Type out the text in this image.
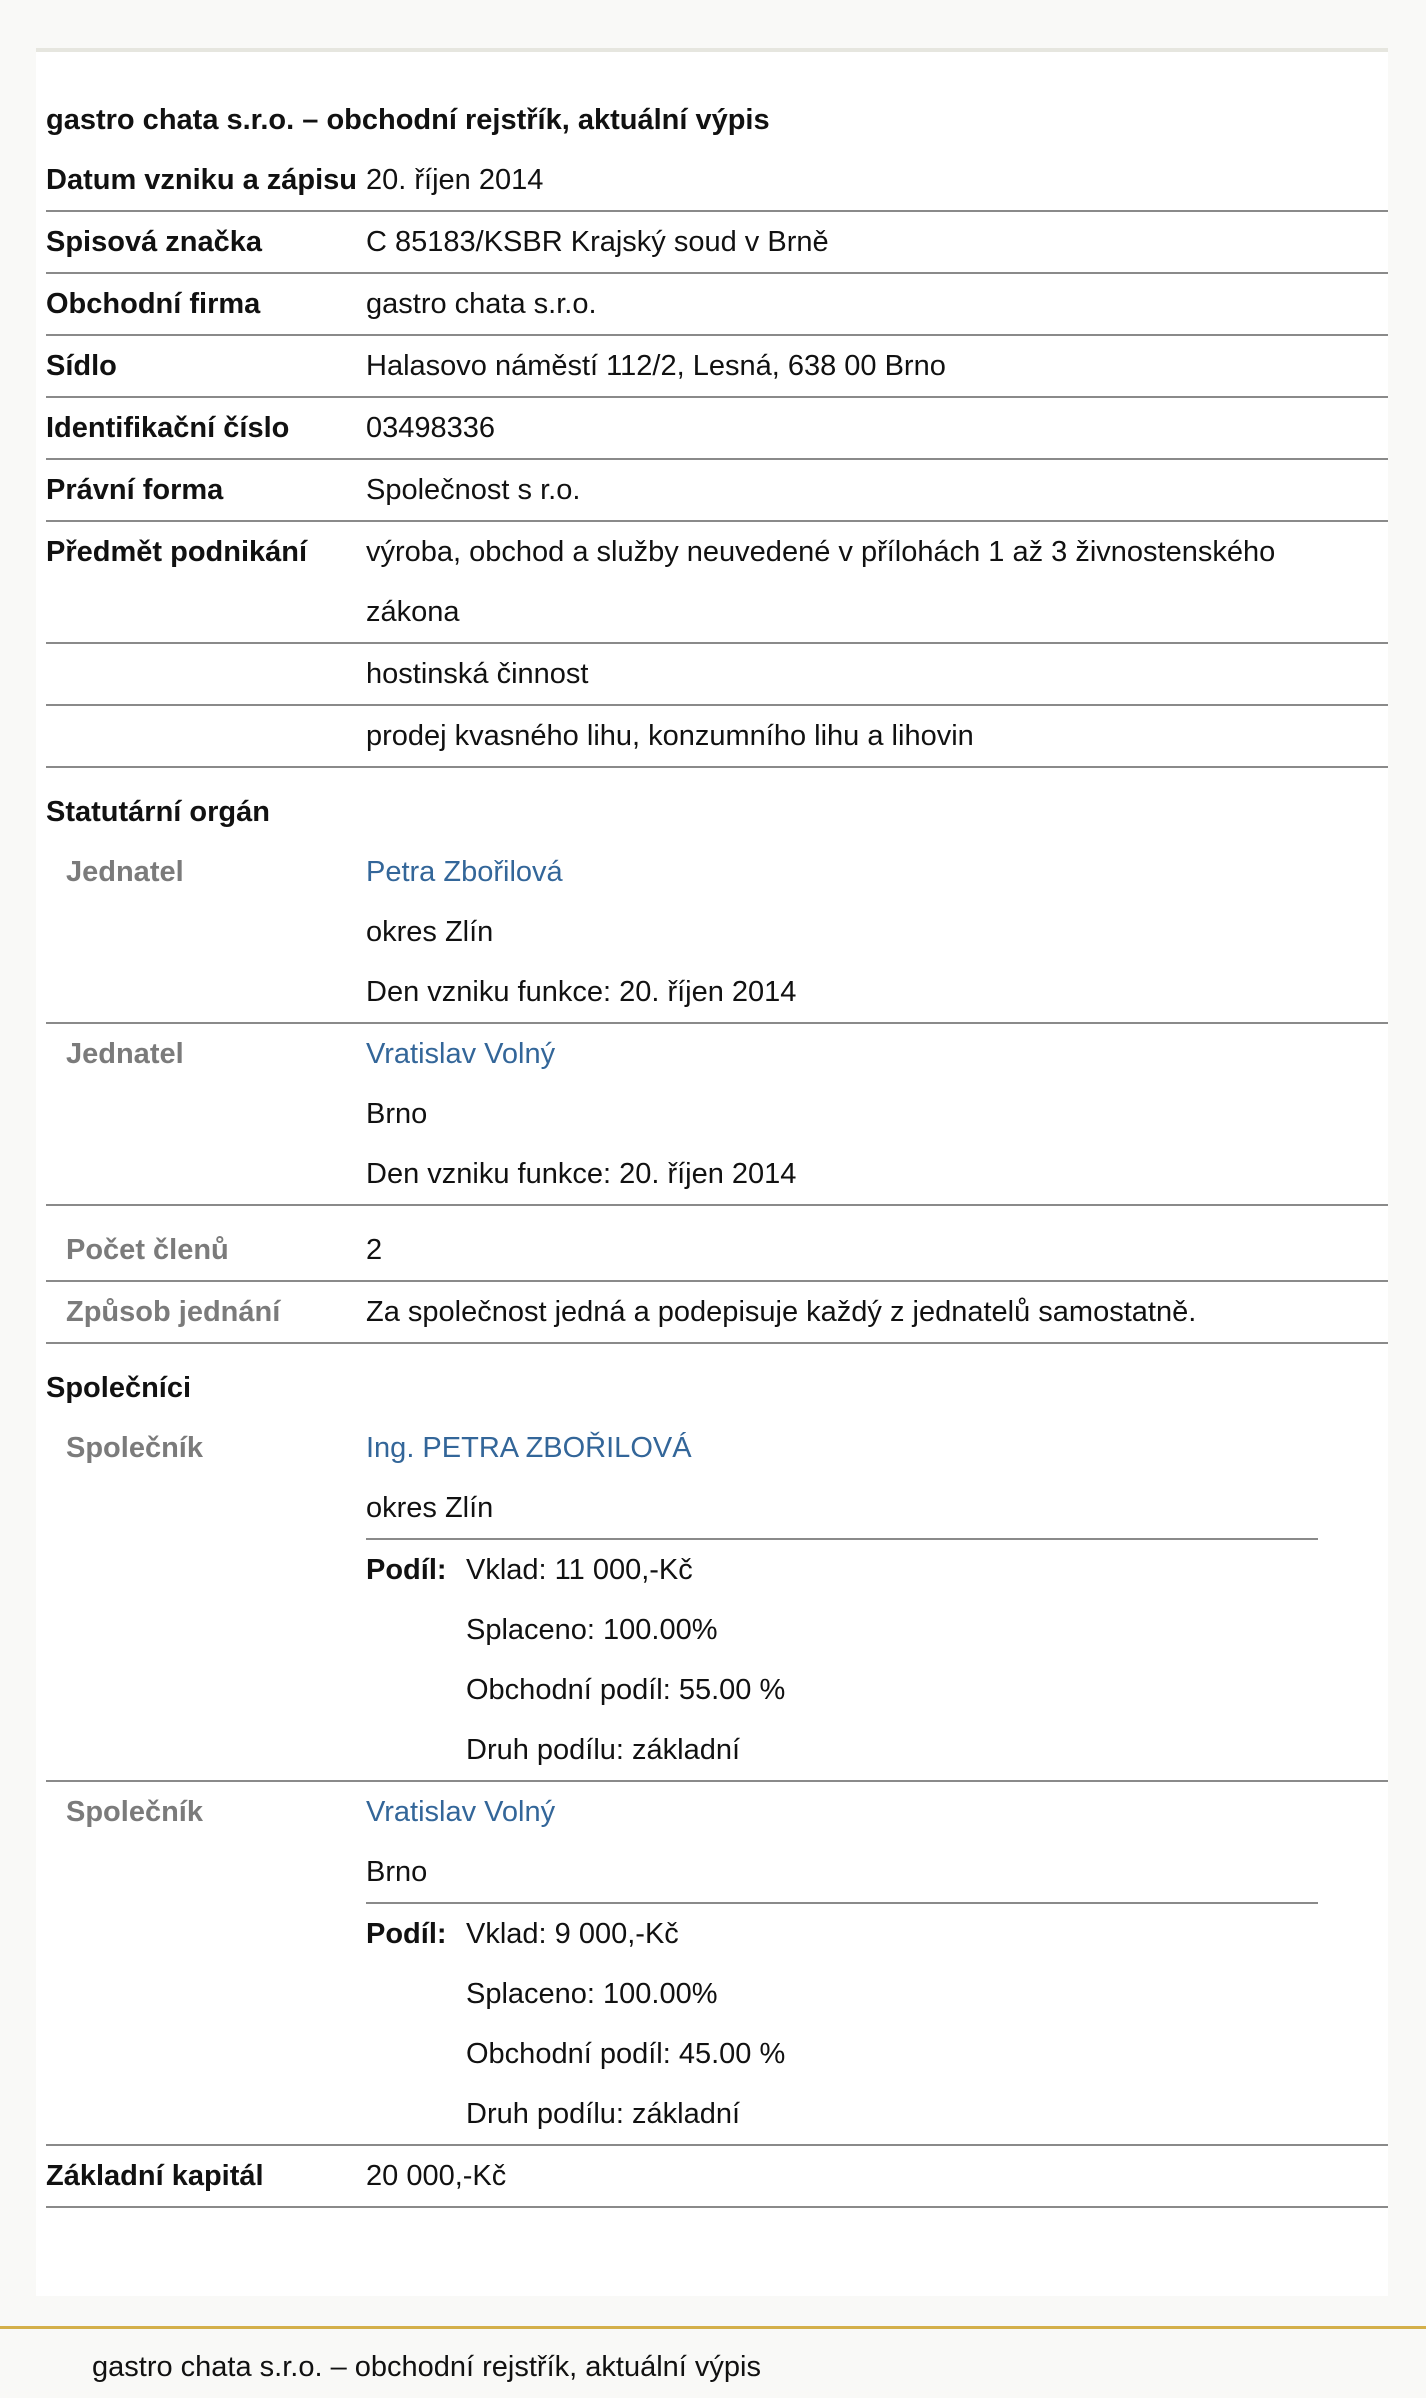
gastro chata s.r.o. – obchodní rejstřík, aktuální výpis
Datum vzniku a zápisu 20. říjen 2014
Spisová značka	C 85183/KSBR Krajský soud v Brně
Obchodní firma	gastro chata s.r.o.
Sídlo	Halasovo náměstí 112/2, Lesná, 638 00 Brno
Identifikační číslo	03498336
Právní forma	Společnost s r.o.
Předmět podnikání	výroba, obchod a služby neuvedené v přílohách 1 až 3 živnostenského zákona
hostinská činnost
prodej kvasného lihu, konzumního lihu a lihovin
Statutární orgán
Jednatel	Petra Zbořilová
okres Zlín
Den vzniku funkce: 20. říjen 2014
Jednatel	Vratislav Volný
Brno
Den vzniku funkce: 20. říjen 2014
Počet členů	2
Způsob jednání	Za společnost jedná a podepisuje každý z jednatelů samostatně.
Společníci
Společník	Ing. PETRA ZBOŘILOVÁ
okres Zlín
Podíl: Vklad: 11 000,-Kč
Splaceno: 100.00%
Obchodní podíl: 55.00 %
Druh podílu: základní
Společník	Vratislav Volný
Brno
Podíl: Vklad: 9 000,-Kč
Splaceno: 100.00%
Obchodní podíl: 45.00 %
Druh podílu: základní
Základní kapitál	20 000,-Kč
gastro chata s.r.o. – obchodní rejstřík, aktuální výpis
